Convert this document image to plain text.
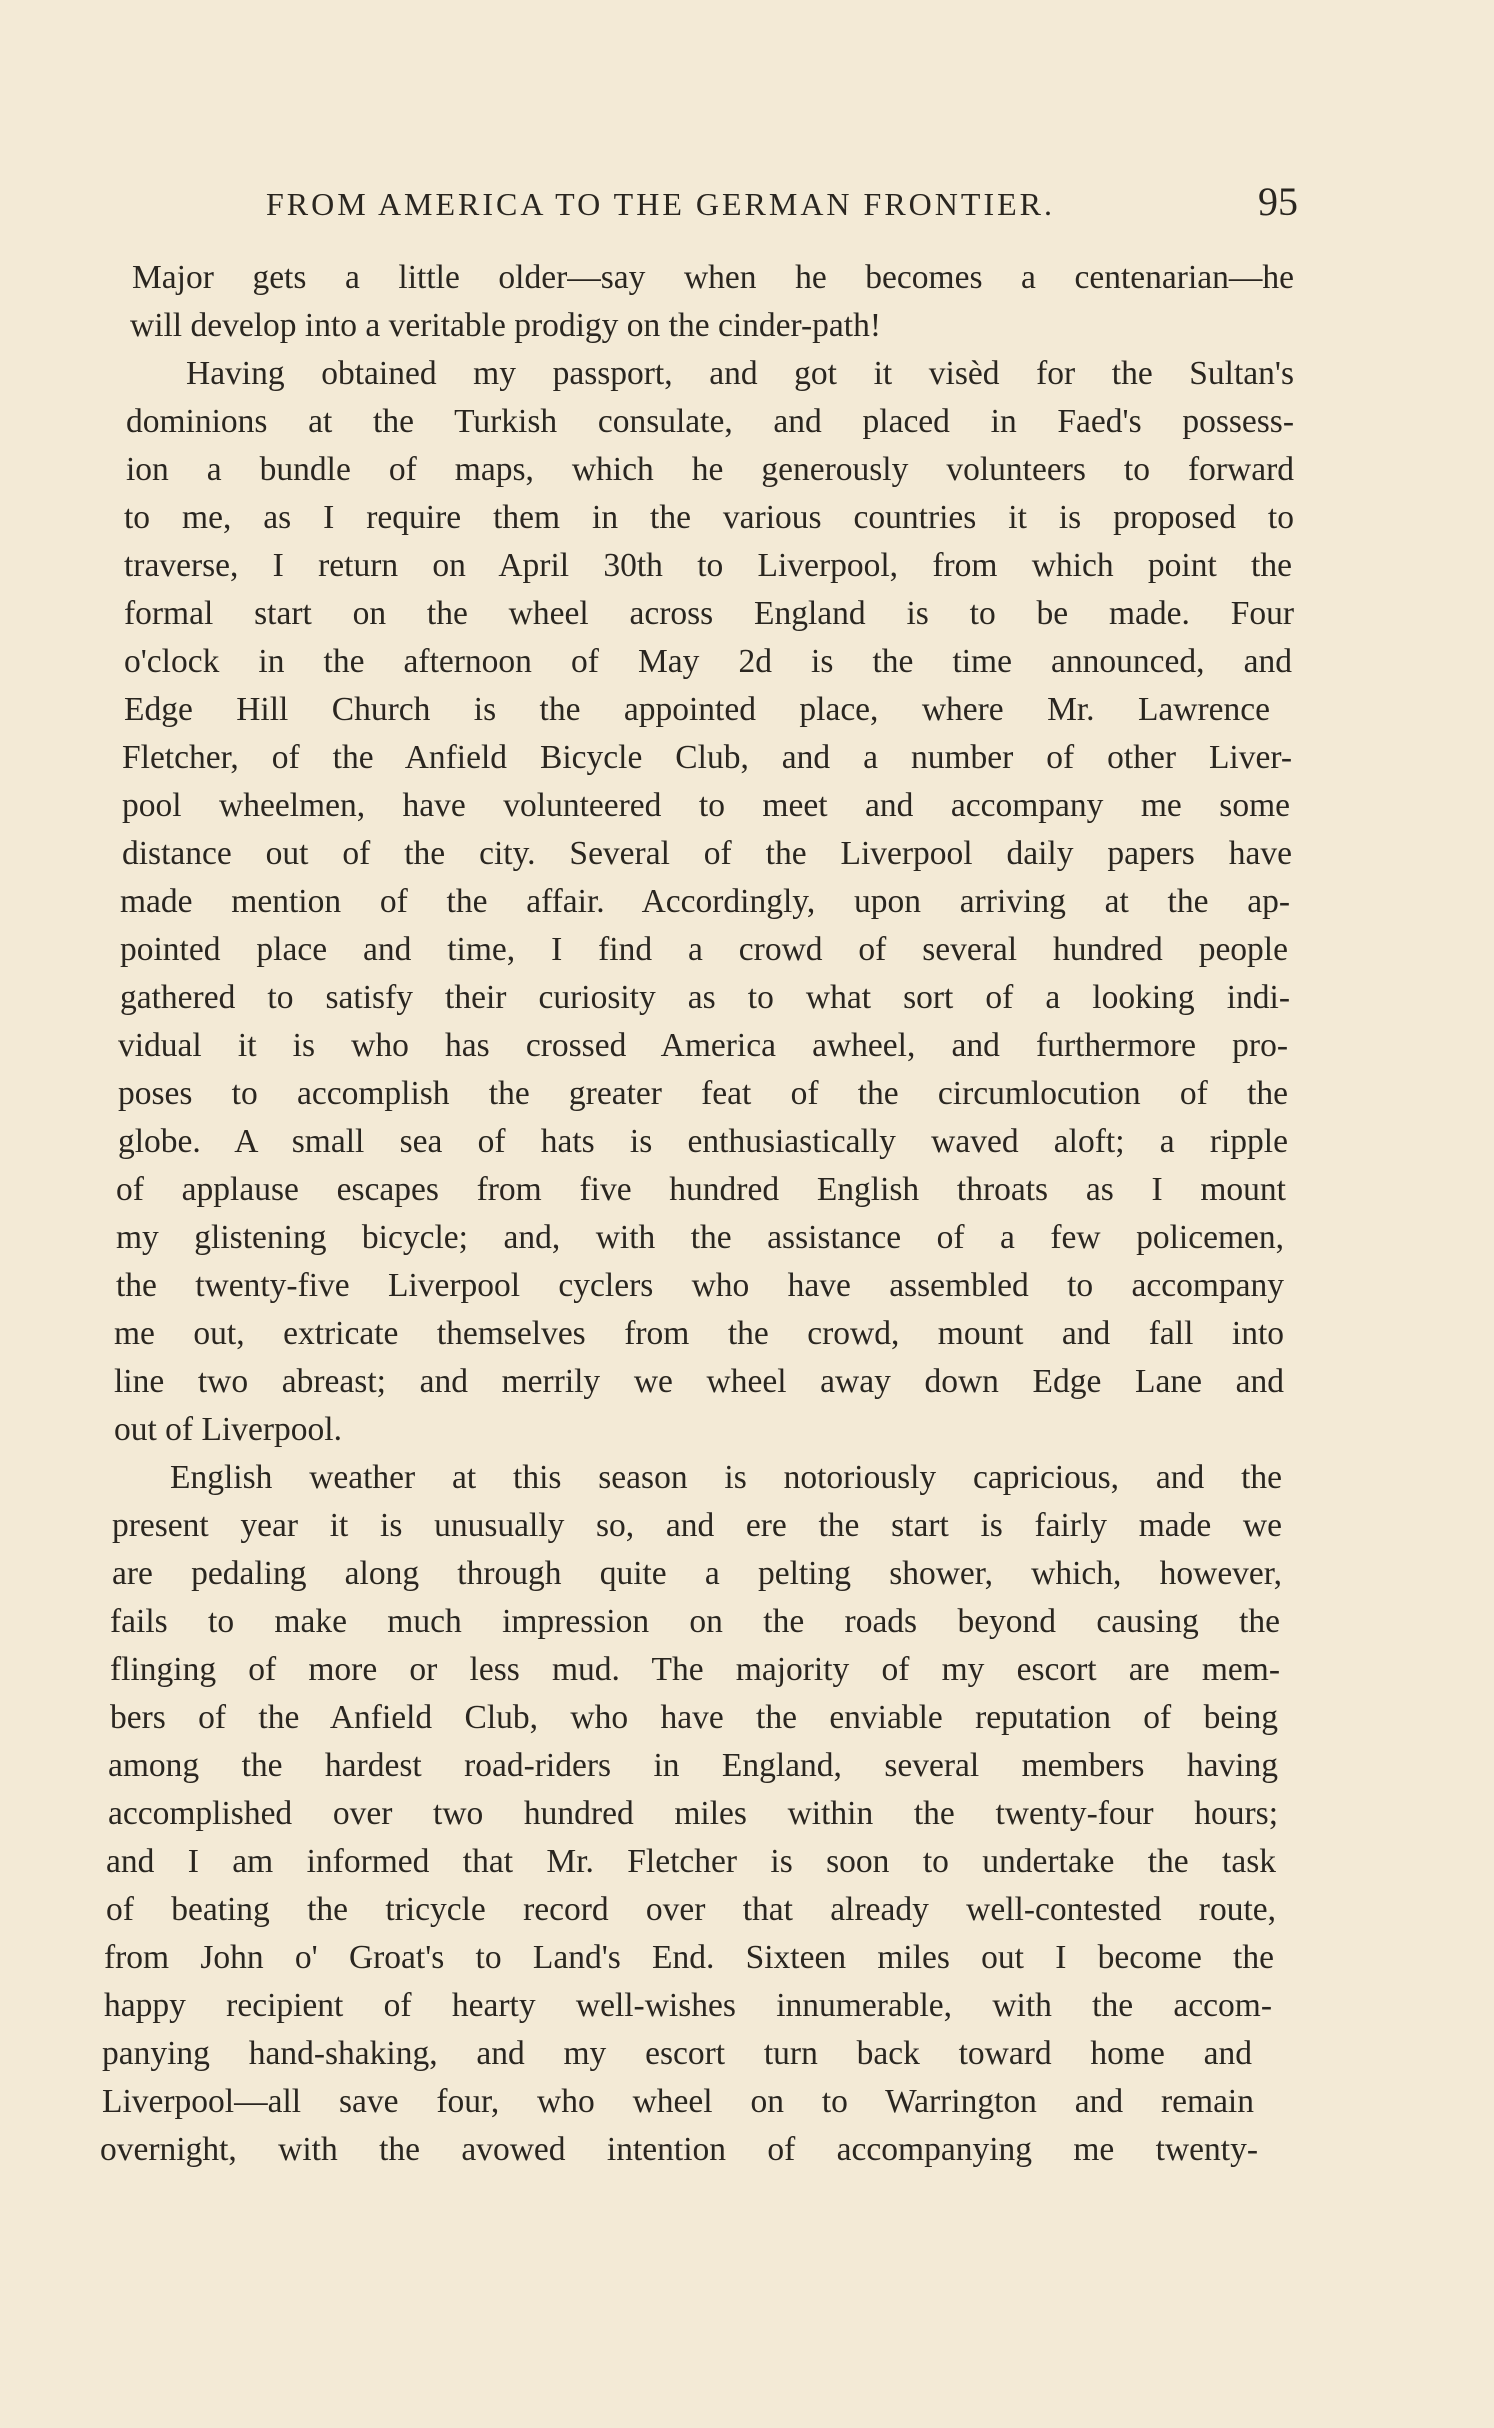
FROM AMERICA TO THE GERMAN FRONTIER.	95
Major gets a little older—say when he becomes a centenarian—he
will develop into a veritable prodigy on the cinder-path!
Having obtained my passport, and got it visèd for the Sultan's
dominions at the Turkish consulate, and placed in Faed's possess-
ion a bundle of maps, which he generously volunteers to forward
to me, as I require them in the various countries it is proposed to
traverse, I return on April 30th to Liverpool, from which point the
formal start on the wheel across England is to be made. Four
o'clock in the afternoon of May 2d is the time announced, and
Edge Hill Church is the appointed place, where Mr. Lawrence
Fletcher, of the Anfield Bicycle Club, and a number of other Liver-
pool wheelmen, have volunteered to meet and accompany me some
distance out of the city. Several of the Liverpool daily papers have
made mention of the affair. Accordingly, upon arriving at the ap-
pointed place and time, I find a crowd of several hundred people
gathered to satisfy their curiosity as to what sort of a looking indi-
vidual it is who has crossed America awheel, and furthermore pro-
poses to accomplish the greater feat of the circumlocution of the
globe. A small sea of hats is enthusiastically waved aloft; a ripple
of applause escapes from five hundred English throats as I mount
my glistening bicycle; and, with the assistance of a few policemen,
the twenty-five Liverpool cyclers who have assembled to accompany
me out, extricate themselves from the crowd, mount and fall into
line two abreast; and merrily we wheel away down Edge Lane and
out of Liverpool.
English weather at this season is notoriously capricious, and the
present year it is unusually so, and ere the start is fairly made we
are pedaling along through quite a pelting shower, which, however,
fails to make much impression on the roads beyond causing the
flinging of more or less mud. The majority of my escort are mem-
bers of the Anfield Club, who have the enviable reputation of being
among the hardest road-riders in England, several members having
accomplished over two hundred miles within the twenty-four hours;
and I am informed that Mr. Fletcher is soon to undertake the task
of beating the tricycle record over that already well-contested route,
from John o' Groat's to Land's End. Sixteen miles out I become the
happy recipient of hearty well-wishes innumerable, with the accom-
panying hand-shaking, and my escort turn back toward home and
Liverpool—all save four, who wheel on to Warrington and remain
overnight, with the avowed intention of accompanying me twenty-
